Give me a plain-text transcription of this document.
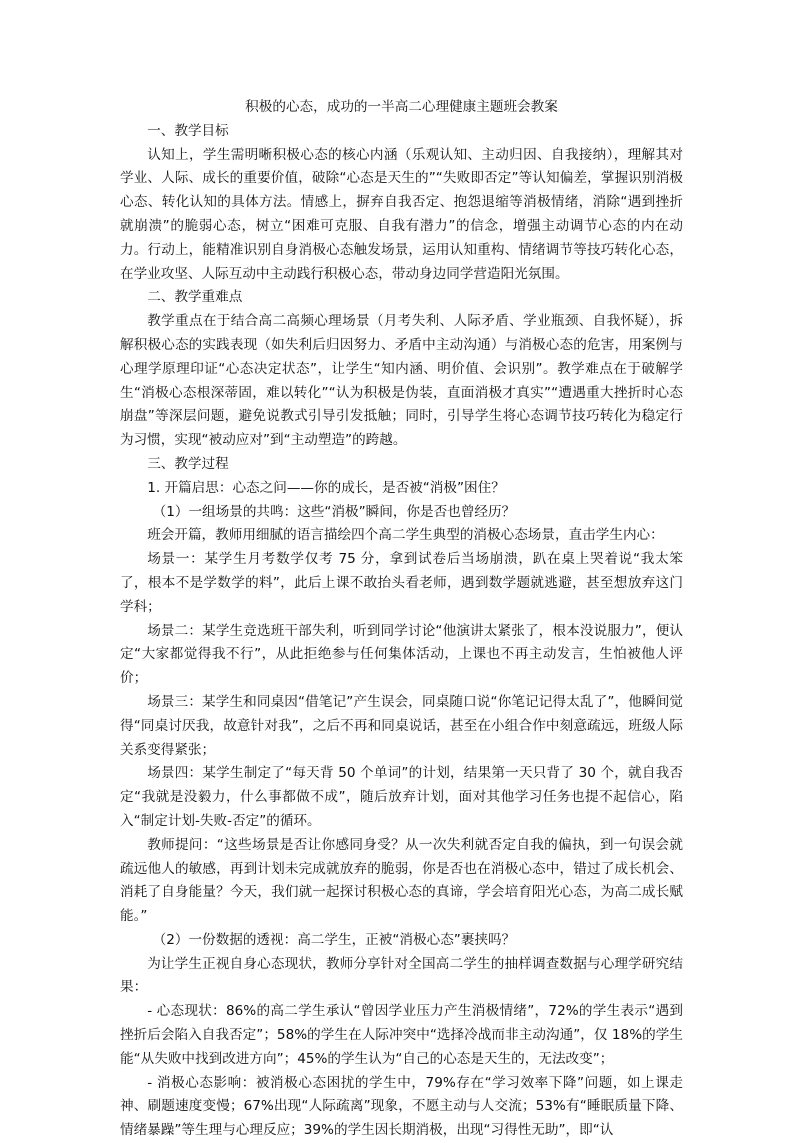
积极的心态，成功的一半高二心理健康主题班会教案

一、教学目标

认知上，学生需明晰积极心态的核心内涵（乐观认知、主动归因、自我接纳），理解其对学业、人际、成长的重要价值，破除“心态是天生的”“失败即否定”等认知偏差，掌握识别消极心态、转化认知的具体方法。情感上，摒弃自我否定、抱怨退缩等消极情绪，消除“遇到挫折就崩溃”的脆弱心态，树立“困难可克服、自我有潜力”的信念，增强主动调节心态的内在动力。行动上，能精准识别自身消极心态触发场景，运用认知重构、情绪调节等技巧转化心态，在学业攻坚、人际互动中主动践行积极心态，带动身边同学营造阳光氛围。

二、教学重难点

教学重点在于结合高二高频心理场景（月考失利、人际矛盾、学业瓶颈、自我怀疑），拆解积极心态的实践表现（如失利后归因努力、矛盾中主动沟通）与消极心态的危害，用案例与心理学原理印证“心态决定状态”，让学生“知内涵、明价值、会识别”。教学难点在于破解学生“消极心态根深蒂固，难以转化”“认为积极是伪装，直面消极才真实”“遭遇重大挫折时心态崩盘”等深层问题，避免说教式引导引发抵触；同时，引导学生将心态调节技巧转化为稳定行为习惯，实现“被动应对”到“主动塑造”的跨越。

三、教学过程

1. 开篇启思：心态之问——你的成长，是否被“消极”困住？

（1）一组场景的共鸣：这些“消极”瞬间，你是否也曾经历？

班会开篇，教师用细腻的语言描绘四个高二学生典型的消极心态场景，直击学生内心：

场景一：某学生月考数学仅考 75 分，拿到试卷后当场崩溃，趴在桌上哭着说“我太笨了，根本不是学数学的料”，此后上课不敢抬头看老师，遇到数学题就逃避，甚至想放弃这门学科；

场景二：某学生竞选班干部失利，听到同学讨论“他演讲太紧张了，根本没说服力”，便认定“大家都觉得我不行”，从此拒绝参与任何集体活动，上课也不再主动发言，生怕被他人评价；

场景三：某学生和同桌因“借笔记”产生误会，同桌随口说“你笔记记得太乱了”，他瞬间觉得“同桌讨厌我，故意针对我”，之后不再和同桌说话，甚至在小组合作中刻意疏远，班级人际关系变得紧张；

场景四：某学生制定了“每天背 50 个单词”的计划，结果第一天只背了 30 个，就自我否定“我就是没毅力，什么事都做不成”，随后放弃计划，面对其他学习任务也提不起信心，陷入“制定计划-失败-否定”的循环。

教师提问：“这些场景是否让你感同身受？从一次失利就否定自我的偏执，到一句误会就疏远他人的敏感，再到计划未完成就放弃的脆弱，你是否也在消极心态中，错过了成长机会、消耗了自身能量？今天，我们就一起探讨积极心态的真谛，学会培育阳光心态，为高二成长赋能。”

（2）一份数据的透视：高二学生，正被“消极心态”裹挟吗？

为让学生正视自身心态现状，教师分享针对全国高二学生的抽样调查数据与心理学研究结果：

- 心态现状：86%的高二学生承认“曾因学业压力产生消极情绪”，72%的学生表示“遇到挫折后会陷入自我否定”；58%的学生在人际冲突中“选择冷战而非主动沟通”，仅 18%的学生能“从失败中找到改进方向”；45%的学生认为“自己的心态是天生的，无法改变”；

- 消极心态影响：被消极心态困扰的学生中，79%存在“学习效率下降”问题，如上课走神、刷题速度变慢；67%出现“人际疏离”现象，不愿主动与人交流；53%有“睡眠质量下降、情绪暴躁”等生理与心理反应；39%的学生因长期消极，出现“习得性无助”，即“认
